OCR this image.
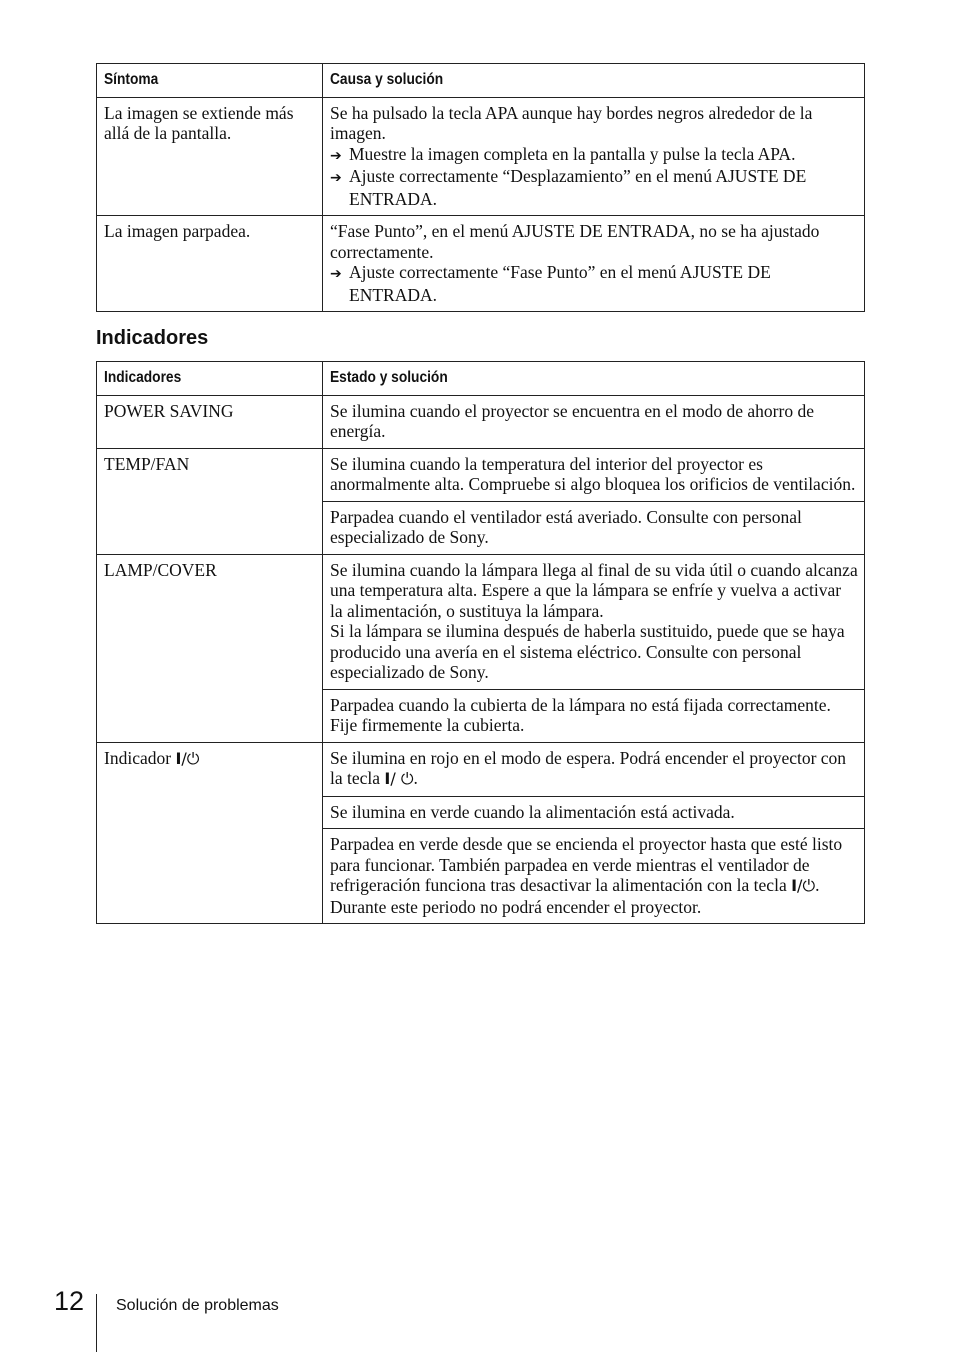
Síntoma	Causa y solución
La imagen se extiende más allá de la pantalla.	Se ha pulsado la tecla APA aunque hay bordes negros alrededor de la imagen.
➔ Muestre la imagen completa en la pantalla y pulse la tecla APA.
➔ Ajuste correctamente “Desplazamiento” en el menú AJUSTE DE ENTRADA.

La imagen parpadea.	“Fase Punto”, en el menú AJUSTE DE ENTRADA, no se ha ajustado correctamente.
➔ Ajuste correctamente “Fase Punto” en el menú AJUSTE DE ENTRADA.
Indicadores
Indicadores	Estado y solución
POWER SAVING	Se ilumina cuando el proyector se encuentra en el modo de ahorro de energía.
TEMP/FAN	Se ilumina cuando la temperatura del interior del proyector es anormalmente alta. Compruebe si algo bloquea los orificios de ventilación.
	Parpadea cuando el ventilador está averiado. Consulte con personal especializado de Sony.
LAMP/COVER	Se ilumina cuando la lámpara llega al final de su vida útil o cuando alcanza una temperatura alta. Espere a que la lámpara se enfríe y vuelva a activar la alimentación, o sustituya la lámpara.
Si la lámpara se ilumina después de haberla sustituido, puede que se haya producido una avería en el sistema eléctrico. Consulte con personal especializado de Sony.

	Parpadea cuando la cubierta de la lámpara no está fijada correctamente. Fije firmemente la cubierta.
Indicador I/⏻	Se ilumina en rojo en el modo de espera. Podrá encender el proyector con la tecla I/ ⏻.
	Se ilumina en verde cuando la alimentación está activada.
	Parpadea en verde desde que se encienda el proyector hasta que esté listo para funcionar. También parpadea en verde mientras el ventilador de refrigeración funciona tras desactivar la alimentación con la tecla I/⏻. Durante este periodo no podrá encender el proyector.
12 Solución de problemas
